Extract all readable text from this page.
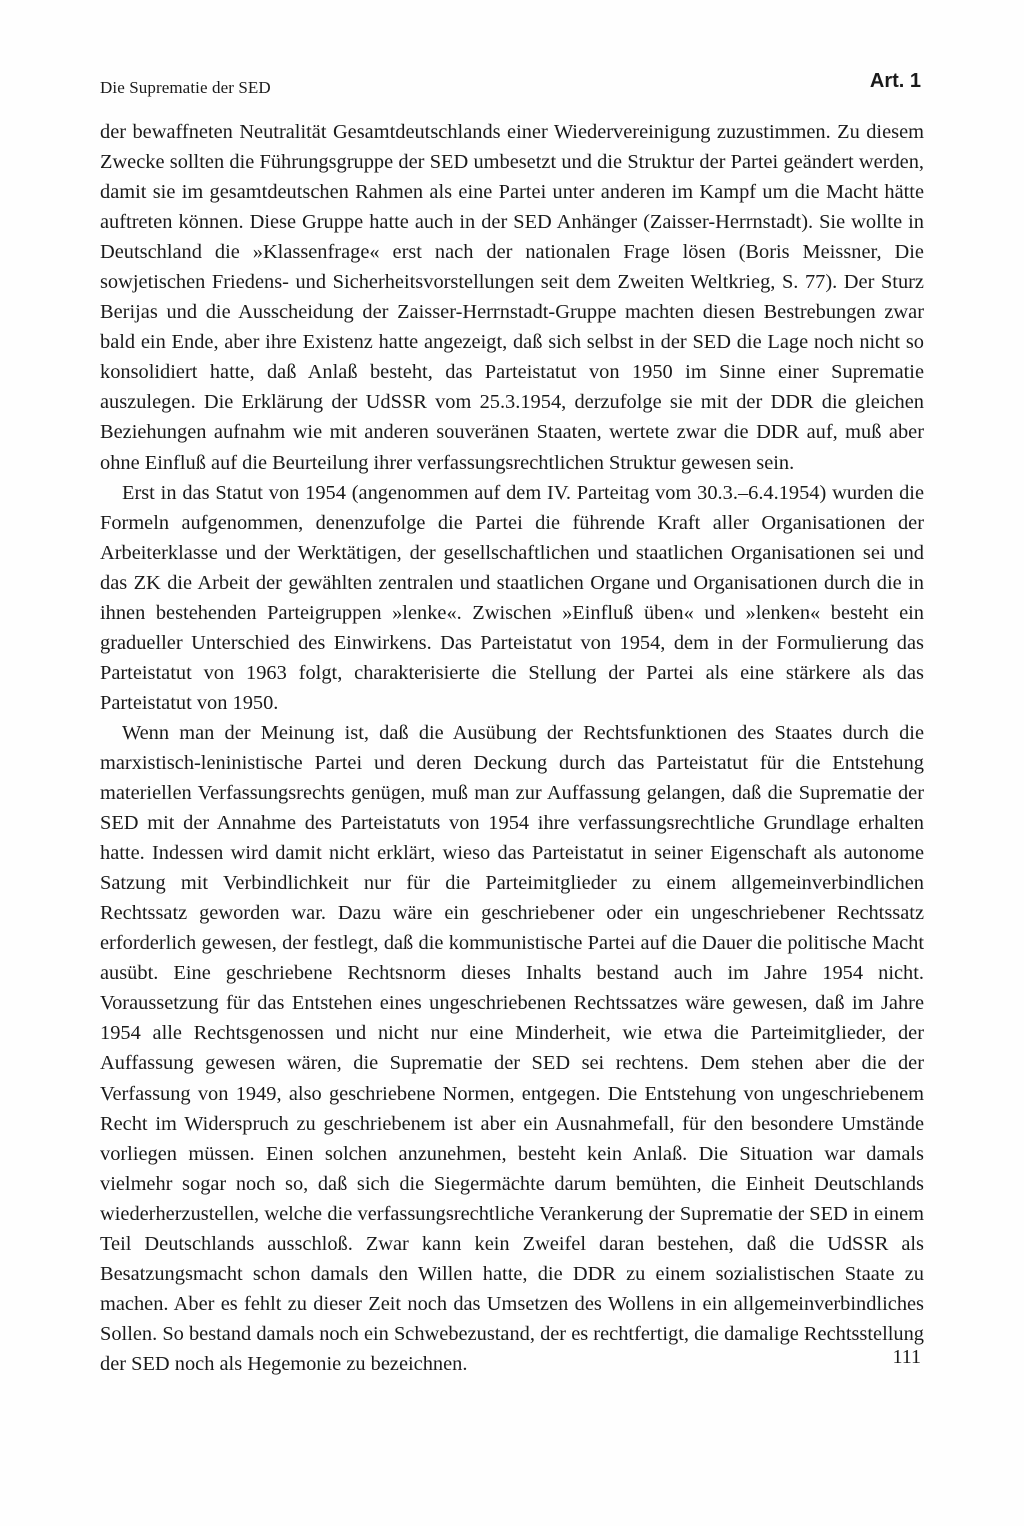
Die Suprematie der SED	Art. 1

der bewaffneten Neutralität Gesamtdeutschlands einer Wiedervereinigung zuzustimmen. Zu diesem Zwecke sollten die Führungsgruppe der SED umbesetzt und die Struktur der Partei geändert werden, damit sie im gesamtdeutschen Rahmen als eine Partei unter anderen im Kampf um die Macht hätte auftreten können. Diese Gruppe hatte auch in der SED Anhänger (Zaisser-Herrnstadt). Sie wollte in Deutschland die »Klassenfrage« erst nach der nationalen Frage lösen (Boris Meissner, Die sowjetischen Friedens- und Sicherheitsvorstellungen seit dem Zweiten Weltkrieg, S. 77). Der Sturz Berijas und die Ausscheidung der Zaisser-Herrnstadt-Gruppe machten diesen Bestrebungen zwar bald ein Ende, aber ihre Existenz hatte angezeigt, daß sich selbst in der SED die Lage noch nicht so konsolidiert hatte, daß Anlaß besteht, das Parteistatut von 1950 im Sinne einer Suprematie auszulegen. Die Erklärung der UdSSR vom 25.3.1954, derzufolge sie mit der DDR die gleichen Beziehungen aufnahm wie mit anderen souveränen Staaten, wertete zwar die DDR auf, muß aber ohne Einfluß auf die Beurteilung ihrer verfassungsrechtlichen Struktur gewesen sein.

Erst in das Statut von 1954 (angenommen auf dem IV. Parteitag vom 30.3.–6.4.1954) wurden die Formeln aufgenommen, denenzufolge die Partei die führende Kraft aller Organisationen der Arbeiterklasse und der Werktätigen, der gesellschaftlichen und staatlichen Organisationen sei und das ZK die Arbeit der gewählten zentralen und staatlichen Organe und Organisationen durch die in ihnen bestehenden Parteigruppen »lenke«. Zwischen »Einfluß üben« und »lenken« besteht ein gradueller Unterschied des Einwirkens. Das Parteistatut von 1954, dem in der Formulierung das Parteistatut von 1963 folgt, charakterisierte die Stellung der Partei als eine stärkere als das Parteistatut von 1950.

Wenn man der Meinung ist, daß die Ausübung der Rechtsfunktionen des Staates durch die marxistisch-leninistische Partei und deren Deckung durch das Parteistatut für die Entstehung materiellen Verfassungsrechts genügen, muß man zur Auffassung gelangen, daß die Suprematie der SED mit der Annahme des Parteistatuts von 1954 ihre verfassungsrechtliche Grundlage erhalten hatte. Indessen wird damit nicht erklärt, wieso das Parteistatut in seiner Eigenschaft als autonome Satzung mit Verbindlichkeit nur für die Parteimitglieder zu einem allgemeinverbindlichen Rechtssatz geworden war. Dazu wäre ein geschriebener oder ein ungeschriebener Rechtssatz erforderlich gewesen, der festlegt, daß die kommunistische Partei auf die Dauer die politische Macht ausübt. Eine geschriebene Rechtsnorm dieses Inhalts bestand auch im Jahre 1954 nicht. Voraussetzung für das Entstehen eines ungeschriebenen Rechtssatzes wäre gewesen, daß im Jahre 1954 alle Rechtsgenossen und nicht nur eine Minderheit, wie etwa die Parteimitglieder, der Auffassung gewesen wären, die Suprematie der SED sei rechtens. Dem stehen aber die der Verfassung von 1949, also geschriebene Normen, entgegen. Die Entstehung von ungeschriebenem Recht im Widerspruch zu geschriebenem ist aber ein Ausnahmefall, für den besondere Umstände vorliegen müssen. Einen solchen anzunehmen, besteht kein Anlaß. Die Situation war damals vielmehr sogar noch so, daß sich die Siegermächte darum bemühten, die Einheit Deutschlands wiederherzustellen, welche die verfassungsrechtliche Verankerung der Suprematie der SED in einem Teil Deutschlands ausschloß. Zwar kann kein Zweifel daran bestehen, daß die UdSSR als Besatzungsmacht schon damals den Willen hatte, die DDR zu einem sozialistischen Staate zu machen. Aber es fehlt zu dieser Zeit noch das Umsetzen des Wollens in ein allgemeinverbindliches Sollen. So bestand damals noch ein Schwebezustand, der es rechtfertigt, die damalige Rechtsstellung der SED noch als Hegemonie zu bezeichnen.	111
